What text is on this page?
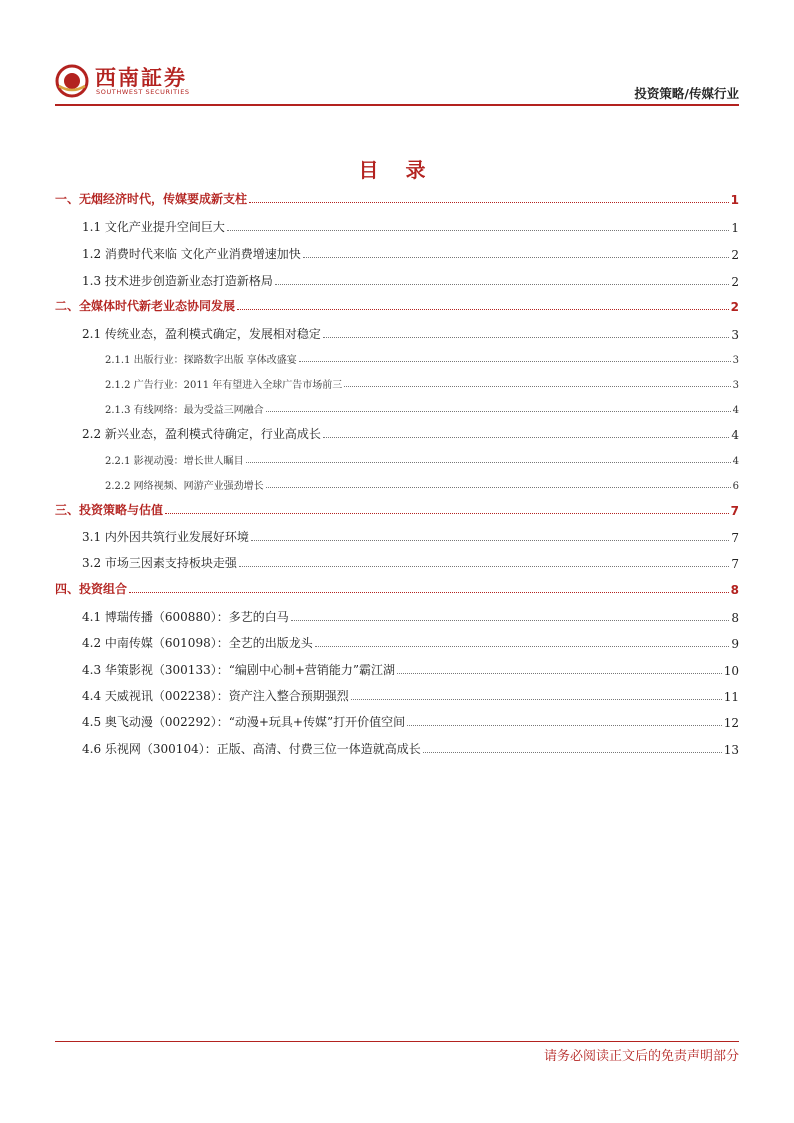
西南証券
SOUTHWEST SECURITIES	投资策略/传媒行业
目 录
一、无烟经济时代，传媒要成新支柱	1
1.1 文化产业提升空间巨大	1
1.2 消费时代来临 文化产业消费增速加快	2
1.3 技术进步创造新业态打造新格局	2
二、全媒体时代新老业态协同发展	2
2.1 传统业态，盈利模式确定，发展相对稳定	3
2.1.1 出版行业：探路数字出版 享体改盛宴	3
2.1.2 广告行业：2011 年有望进入全球广告市场前三	3
2.1.3 有线网络：最为受益三网融合	4
2.2 新兴业态，盈利模式待确定，行业高成长	4
2.2.1 影视动漫：增长世人瞩目	4
2.2.2 网络视频、网游产业强劲增长	6
三、投资策略与估值	7
3.1 内外因共筑行业发展好环境	7
3.2 市场三因素支持板块走强	7
四、投资组合	8
4.1 博瑞传播（600880）：多艺的白马	8
4.2 中南传媒（601098）：全艺的出版龙头	9
4.3 华策影视（300133）：“编剧中心制+营销能力”霸江湖	10
4.4 天威视讯（002238）：资产注入整合预期强烈	11
4.5 奥飞动漫（002292）：“动漫+玩具+传媒”打开价值空间	12
4.6 乐视网（300104）：正版、高清、付费三位一体造就高成长	13
请务必阅读正文后的免责声明部分
